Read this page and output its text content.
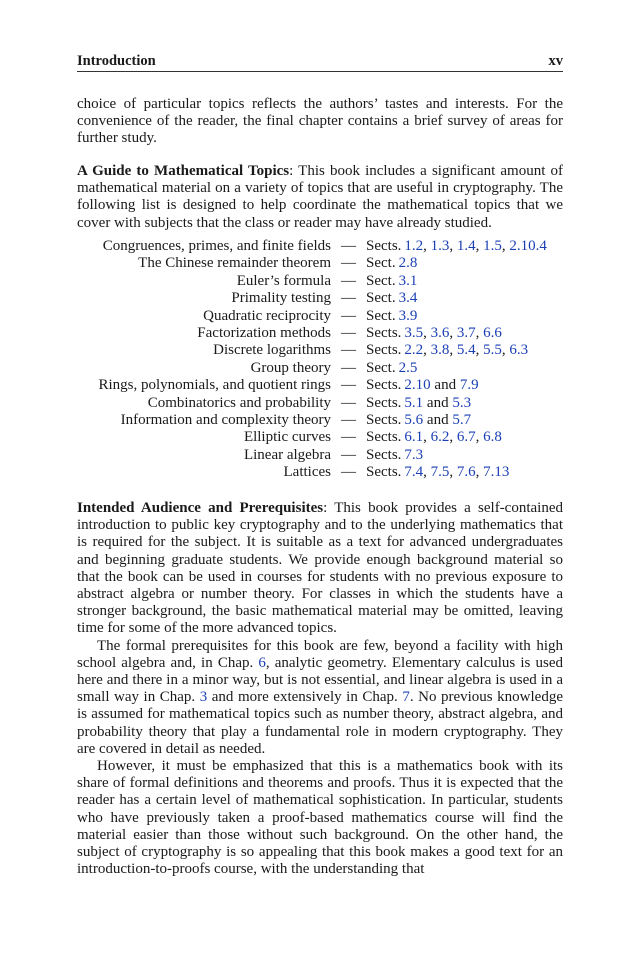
Introduction	xv

choice of particular topics reflects the authors’ tastes and interests. For the convenience of the reader, the final chapter contains a brief survey of areas for further study.

A Guide to Mathematical Topics: This book includes a significant amount of mathematical material on a variety of topics that are useful in cryptography. The following list is designed to help coordinate the mathematical topics that we cover with subjects that the class or reader may have already studied.

Congruences, primes, and finite fields — Sects. 1.2, 1.3, 1.4, 1.5, 2.10.4
The Chinese remainder theorem — Sect. 2.8
Euler’s formula — Sect. 3.1
Primality testing — Sect. 3.4
Quadratic reciprocity — Sect. 3.9
Factorization methods — Sects. 3.5, 3.6, 3.7, 6.6
Discrete logarithms — Sects. 2.2, 3.8, 5.4, 5.5, 6.3
Group theory — Sect. 2.5
Rings, polynomials, and quotient rings — Sects. 2.10 and 7.9
Combinatorics and probability — Sects. 5.1 and 5.3
Information and complexity theory — Sects. 5.6 and 5.7
Elliptic curves — Sects. 6.1, 6.2, 6.7, 6.8
Linear algebra — Sects. 7.3
Lattices — Sects. 7.4, 7.5, 7.6, 7.13

Intended Audience and Prerequisites: This book provides a self-contained introduction to public key cryptography and to the underlying mathematics that is required for the subject. It is suitable as a text for advanced undergraduates and beginning graduate students. We provide enough background material so that the book can be used in courses for students with no previous exposure to abstract algebra or number theory. For classes in which the students have a stronger background, the basic mathematical material may be omitted, leaving time for some of the more advanced topics.

The formal prerequisites for this book are few, beyond a facility with high school algebra and, in Chap. 6, analytic geometry. Elementary calculus is used here and there in a minor way, but is not essential, and linear algebra is used in a small way in Chap. 3 and more extensively in Chap. 7. No previous knowledge is assumed for mathematical topics such as number theory, abstract algebra, and probability theory that play a fundamental role in modern cryptography. They are covered in detail as needed.

However, it must be emphasized that this is a mathematics book with its share of formal definitions and theorems and proofs. Thus it is expected that the reader has a certain level of mathematical sophistication. In particular, students who have previously taken a proof-based mathematics course will find the material easier than those without such background. On the other hand, the subject of cryptography is so appealing that this book makes a good text for an introduction-to-proofs course, with the understanding that
